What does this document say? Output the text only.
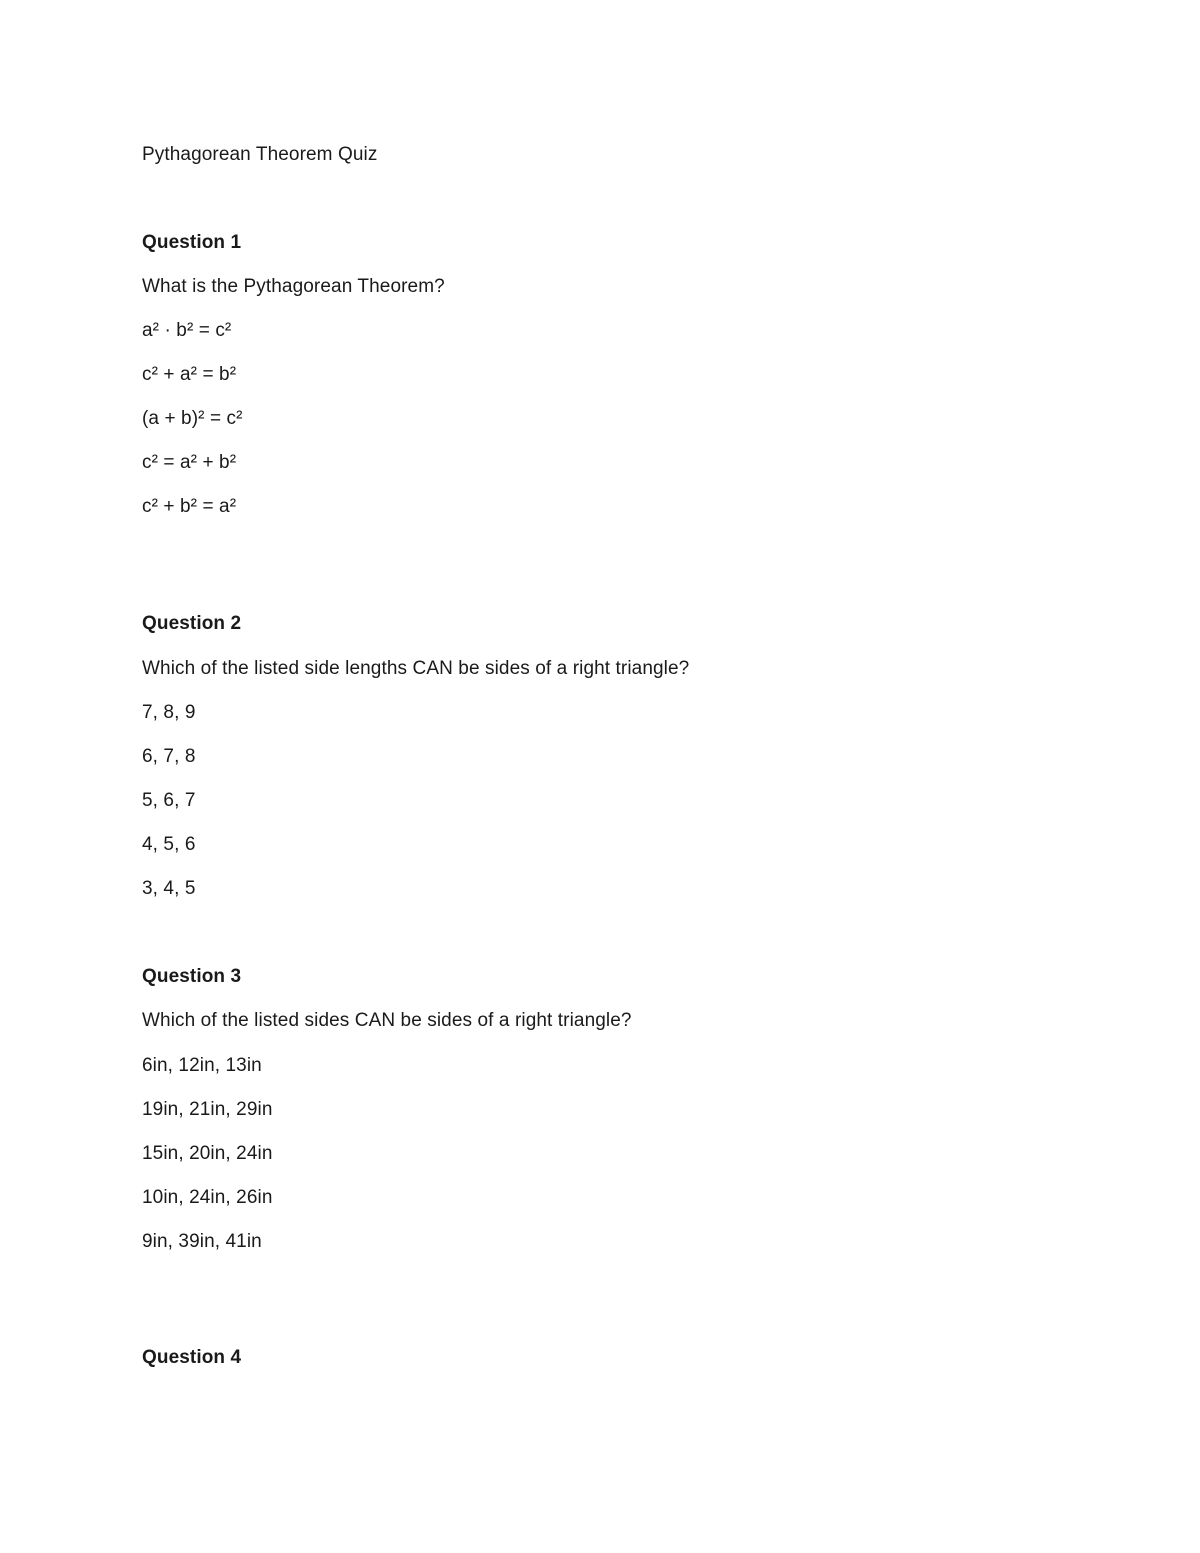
Pythagorean Theorem Quiz
Question 1
What is the Pythagorean Theorem?
a² · b² = c²
c² + a² = b²
(a + b)² = c²
c² = a² + b²
c² + b² = a²
Question 2
Which of the listed side lengths CAN be sides of a right triangle?
7, 8, 9
6, 7, 8
5, 6, 7
4, 5, 6
3, 4, 5
Question 3
Which of the listed sides CAN be sides of a right triangle?
6in, 12in, 13in
19in, 21in, 29in
15in, 20in, 24in
10in, 24in, 26in
9in, 39in, 41in
Question 4
